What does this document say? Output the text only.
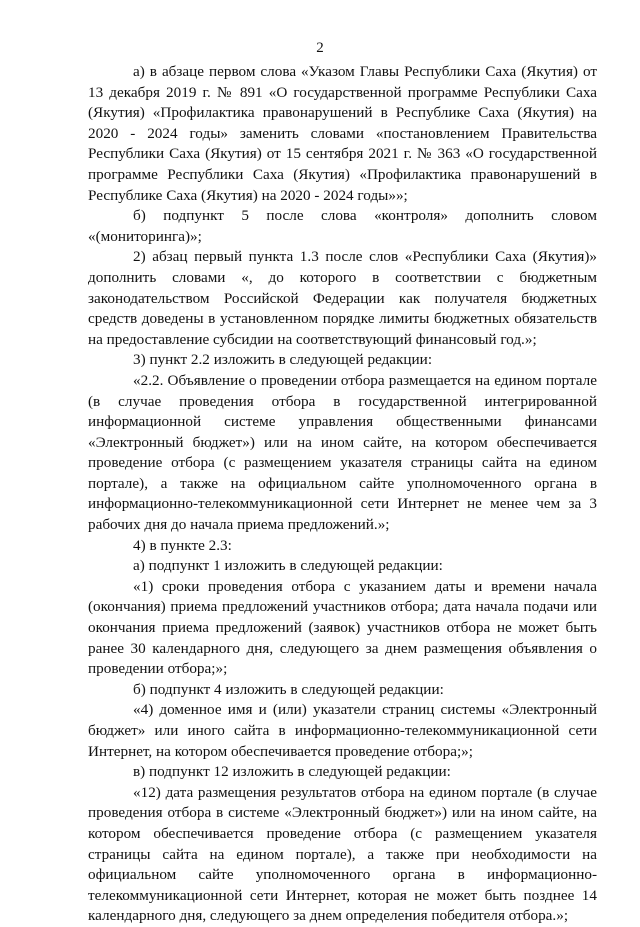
2

а) в абзаце первом слова «Указом Главы Республики Саха (Якутия) от 13 декабря 2019 г. № 891 «О государственной программе Республики Саха (Якутия) «Профилактика правонарушений в Республике Саха (Якутия) на 2020 - 2024 годы» заменить словами «постановлением Правительства Республики Саха (Якутия) от 15 сентября 2021 г. № 363 «О государственной программе Республики Саха (Якутия) «Профилактика правонарушений в Республике Саха (Якутия) на 2020 - 2024 годы»»;

б) подпункт 5 после слова «контроля» дополнить словом «(мониторинга)»;

2) абзац первый пункта 1.3 после слов «Республики Саха (Якутия)» дополнить словами «, до которого в соответствии с бюджетным законодательством Российской Федерации как получателя бюджетных средств доведены в установленном порядке лимиты бюджетных обязательств на предоставление субсидии на соответствующий финансовый год.»;

3) пункт 2.2 изложить в следующей редакции:

«2.2. Объявление о проведении отбора размещается на едином портале (в случае проведения отбора в государственной интегрированной информационной системе управления общественными финансами «Электронный бюджет») или на ином сайте, на котором обеспечивается проведение отбора (с размещением указателя страницы сайта на едином портале), а также на официальном сайте уполномоченного органа в информационно-телекоммуникационной сети Интернет не менее чем за 3 рабочих дня до начала приема предложений.»;

4) в пункте 2.3:

а) подпункт 1 изложить в следующей редакции:

«1) сроки проведения отбора с указанием даты и времени начала (окончания) приема предложений участников отбора; дата начала подачи или окончания приема предложений (заявок) участников отбора не может быть ранее 30 календарного дня, следующего за днем размещения объявления о проведении отбора;»;

б) подпункт 4 изложить в следующей редакции:

«4) доменное имя и (или) указатели страниц системы «Электронный бюджет» или иного сайта в информационно-телекоммуникационной сети Интернет, на котором обеспечивается проведение отбора;»;

в) подпункт 12 изложить в следующей редакции:

«12) дата размещения результатов отбора на едином портале (в случае проведения отбора в системе «Электронный бюджет») или на ином сайте, на котором обеспечивается проведение отбора (с размещением указателя страницы сайта на едином портале), а также при необходимости на официальном сайте уполномоченного органа в информационно-телекоммуникационной сети Интернет, которая не может быть позднее 14 календарного дня, следующего за днем определения победителя отбора.»;
